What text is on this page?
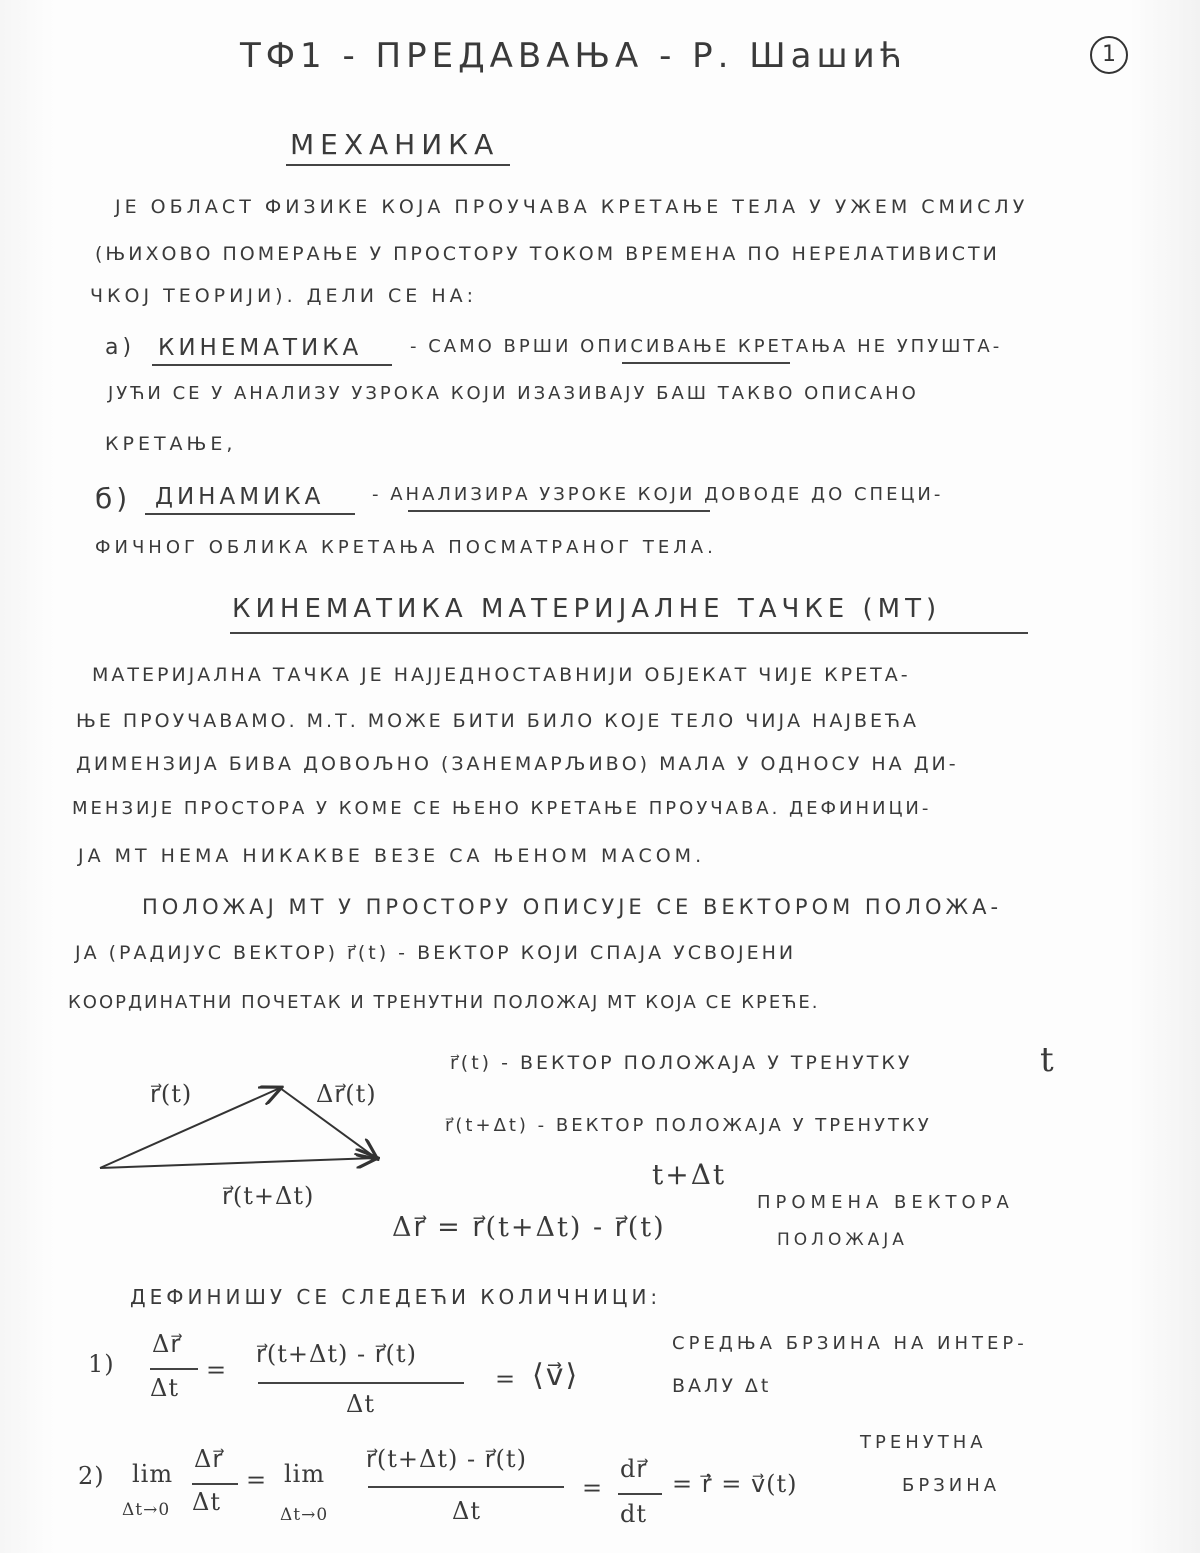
ТФ1 - ПРЕДАВАЊА - Р. Шашић	1
МЕХАНИКА
ЈЕ ОБЛАСТ ФИЗИКЕ КОЈА ПРОУЧАВА КРЕТАЊЕ ТЕЛА У УЖЕМ СМИСЛУ
(ЊИХОВО ПОМЕРАЊЕ У ПРОСТОРУ ТОКОМ ВРЕМЕНА ПО НЕРЕЛАТИВИСТИ
ЧКОЈ ТЕОРИЈИ). ДЕЛИ СЕ НА:
а) КИНЕМАТИКА	- САМО ВРШИ ОПИСИВАЊЕ КРЕТАЊА НЕ УПУШТА-
ЈУЋИ СЕ У АНАЛИЗУ УЗРОКА КОЈИ ИЗАЗИВАЈУ БАШ ТАКВО ОПИСАНО
КРЕТАЊЕ,
б) ДИНАМИКА	- АНАЛИЗИРА УЗРОКЕ КОЈИ ДОВОДЕ ДО СПЕЦИ-
ФИЧНОГ ОБЛИКА КРЕТАЊА ПОСМАТРАНОГ ТЕЛА.
КИНЕМАТИКА МАТЕРИЈАЛНЕ ТАЧКЕ (МТ)
МАТЕРИЈАЛНА ТАЧКА ЈЕ НАЈЈЕДНОСТАВНИЈИ ОБЈЕКАТ ЧИЈЕ КРЕТА-
ЊЕ ПРОУЧАВАМО. М.Т. МОЖЕ БИТИ БИЛО КОЈЕ ТЕЛО ЧИЈА НАЈВЕЋА
ДИМЕНЗИЈА БИВА ДОВОЉНО (ЗАНЕМАРЉИВО) МАЛА У ОДНОСУ НА ДИ-
МЕНЗИЈЕ ПРОСТОРА У КОМЕ СЕ ЊЕНО КРЕТАЊЕ ПРОУЧАВА. ДЕФИНИЦИ-
ЈА МТ НЕМА НИКАКВЕ ВЕЗЕ СА ЊЕНОМ МАСОМ.
ПОЛОЖАЈ МТ У ПРОСТОРУ ОПИСУЈЕ СЕ ВЕКТОРОМ ПОЛОЖА-
ЈА (РАДИЈУС ВЕКТОР) r⃗(t) - ВЕКТОР КОЈИ СПАЈА УСВОЈЕНИ
КООРДИНАТНИ ПОЧЕТАК И ТРЕНУТНИ ПОЛОЖАЈ МТ КОЈА СЕ КРЕЋЕ.
r⃗(t)	Δr⃗(t)
r⃗(t+Δt)
r⃗(t) - ВЕКТОР ПОЛОЖАЈА У ТРЕНУТКУ	t
r⃗(t+Δt) - ВЕКТОР ПОЛОЖАЈА У ТРЕНУТКУ
t+Δt
Δr⃗ = r⃗(t+Δt) - r⃗(t)
ПРОМЕНА ВЕКТОРА
ПОЛОЖАЈА
ДЕФИНИШУ СЕ СЛЕДЕЋИ КОЛИЧНИЦИ:
1)
Δr⃗
Δt
=
r⃗(t+Δt) - r⃗(t)
Δt
= ⟨v⃗⟩
СРЕДЊА БРЗИНА НА ИНТЕР-
ВАЛУ Δt
2) lim
Δt→0
Δr⃗
Δt
= lim
Δt→0
r⃗(t+Δt) - r⃗(t)
Δt
=
dr⃗
dt
= ṙ⃗ = v⃗(t)
ТРЕНУТНА
БРЗИНА
